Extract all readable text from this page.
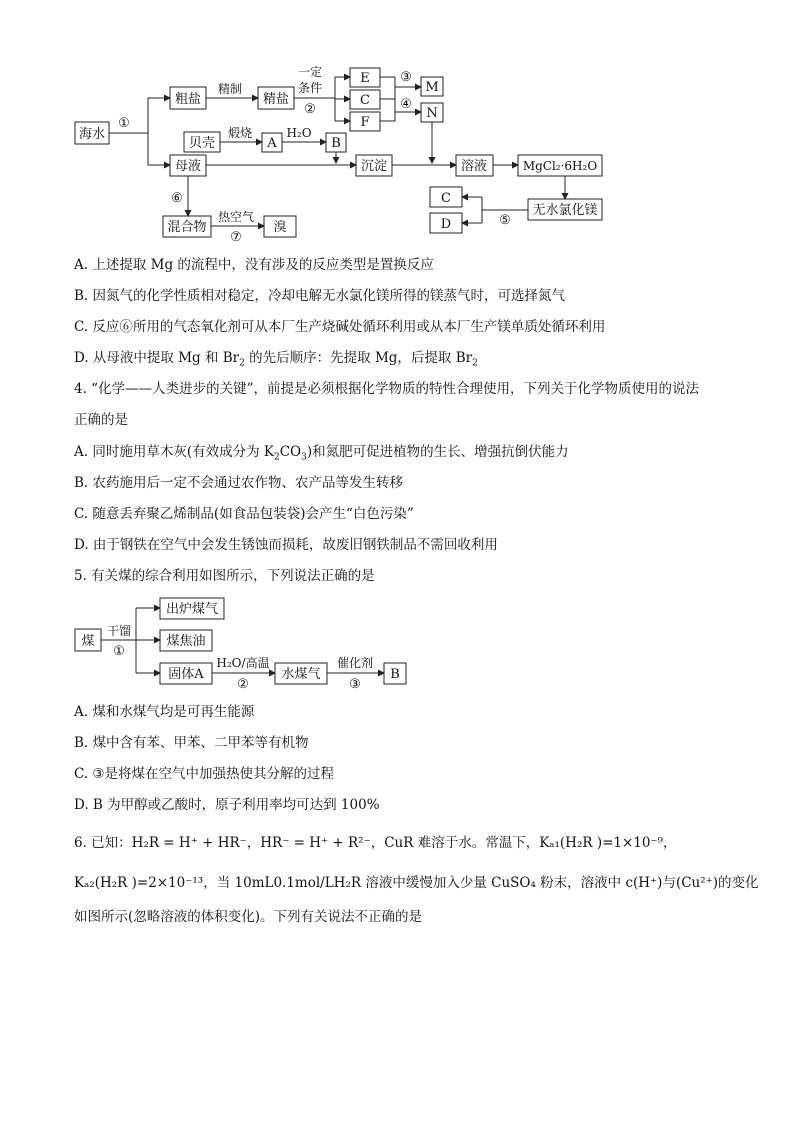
海水
粗盐	精盐
E
C
F
M
N
贝壳	A	B
母液	沉淀	溶液	MgCl₂·6H₂O
C
D
无水氯化镁
混合物	溴
①
精制
一定
条件
②
③
④
煅烧	H₂O
⑤
⑥
热空气
⑦
A. 上述提取 Mg 的流程中，没有涉及的反应类型是置换反应
B. 因氮气的化学性质相对稳定，冷却电解无水氯化镁所得的镁蒸气时，可选择氮气
C. 反应⑥所用的气态氧化剂可从本厂生产烧碱处循环利用或从本厂生产镁单质处循环利用
D. 从母液中提取 Mg 和 $Br_2$ 的先后顺序：先提取 Mg，后提取 $Br_2$
4. “化学——人类进步的关键”，前提是必须根据化学物质的特性合理使用，下列关于化学物质使用的说法
正确的是
A. 同时施用草木灰(有效成分为 $K_2CO_3$)和氮肥可促进植物的生长、增强抗倒伏能力
B. 农药施用后一定不会通过农作物、农产品等发生转移
C. 随意丢弃聚乙烯制品(如食品包装袋)会产生“白色污染”
D. 由于钢铁在空气中会发生锈蚀而损耗，故废旧钢铁制品不需回收利用
5. 有关煤的综合利用如图所示，下列说法正确的是
煤
干馏
①
出炉煤气
煤焦油
固体A
H₂O/高温
②
水煤气
催化剂
③
B
A. 煤和水煤气均是可再生能源
B. 煤中含有苯、甲苯、二甲苯等有机物
C. ③是将煤在空气中加强热使其分解的过程
D. B 为甲醇或乙酸时，原子利用率均可达到 100%
6. 已知：H₂R = H⁺ + HR⁻，HR⁻ = H⁺ + R²⁻，CuR 难溶于水。常温下，Kₐ₁(H₂R )=1×10⁻⁹，
Kₐ₂(H₂R )=2×10⁻¹³，当 10mL0.1mol/LH₂R 溶液中缓慢加入少量 CuSO₄ 粉末，溶液中 c(H⁺)与(Cu²⁺)的变化
如图所示(忽略溶液的体积变化)。下列有关说法不正确的是
